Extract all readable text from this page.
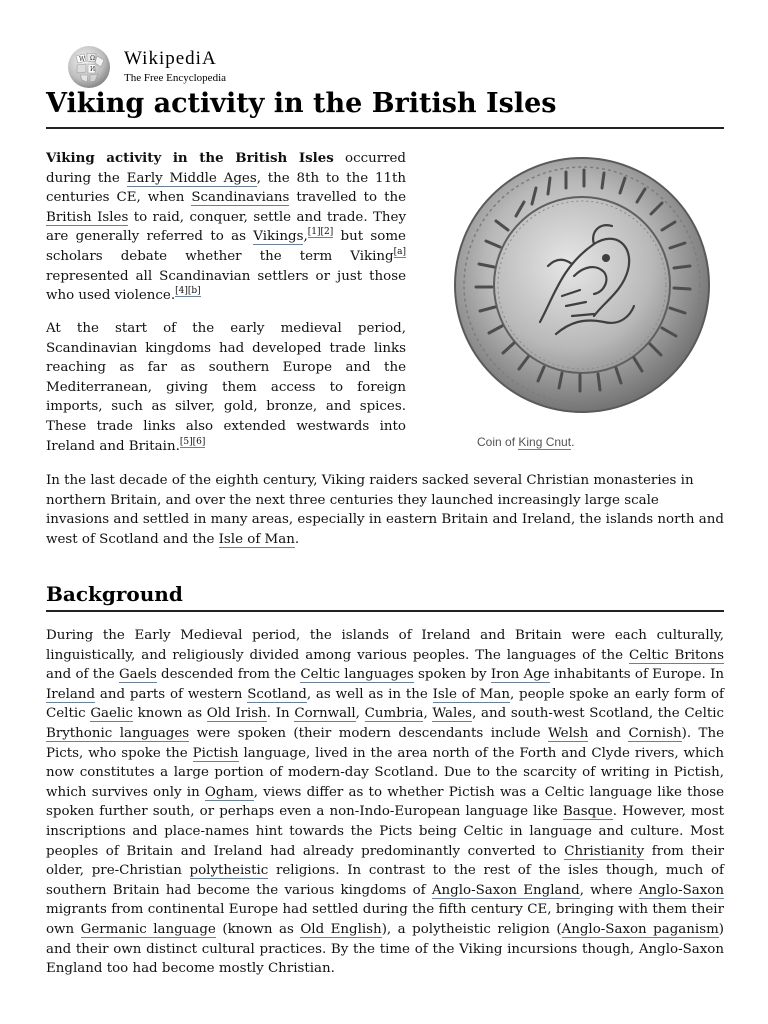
W Ω
И
WikipediA
The Free Encyclopedia
Viking activity in the British Isles
Coin of King Cnut.

Viking activity in the British Isles occurred during the Early Middle Ages, the 8th to the 11th centuries CE, when Scandinavians travelled to the British Isles to raid, conquer, settle and trade. They are generally referred to as Vikings,[1][2] but some scholars debate whether the term Viking[a] represented all Scandinavian settlers or just those who used violence.[4][b]

At the start of the early medieval period, Scandinavian kingdoms had developed trade links reaching as far as southern Europe and the Mediterranean, giving them access to foreign imports, such as silver, gold, bronze, and spices. These trade links also extended westwards into Ireland and Britain.[5][6]

In the last decade of the eighth century, Viking raiders sacked several Christian monasteries in northern Britain, and over the next three centuries they launched increasingly large scale invasions and settled in many areas, especially in eastern Britain and Ireland, the islands north and west of Scotland and the Isle of Man.

Background

During the Early Medieval period, the islands of Ireland and Britain were each culturally, linguistically, and religiously divided among various peoples. The languages of the Celtic Britons and of the Gaels descended from the Celtic languages spoken by Iron Age inhabitants of Europe. In Ireland and parts of western Scotland, as well as in the Isle of Man, people spoke an early form of Celtic Gaelic known as Old Irish. In Cornwall, Cumbria, Wales, and south-west Scotland, the Celtic Brythonic languages were spoken (their modern descendants include Welsh and Cornish). The Picts, who spoke the Pictish language, lived in the area north of the Forth and Clyde rivers, which now constitutes a large portion of modern-day Scotland. Due to the scarcity of writing in Pictish, which survives only in Ogham, views differ as to whether Pictish was a Celtic language like those spoken further south, or perhaps even a non-Indo-European language like Basque. However, most inscriptions and place-names hint towards the Picts being Celtic in language and culture. Most peoples of Britain and Ireland had already predominantly converted to Christianity from their older, pre-Christian polytheistic religions. In contrast to the rest of the isles though, much of southern Britain had become the various kingdoms of Anglo-Saxon England, where Anglo-Saxon migrants from continental Europe had settled during the fifth century CE, bringing with them their own Germanic language (known as Old English), a polytheistic religion (Anglo-Saxon paganism) and their own distinct cultural practices. By the time of the Viking incursions though, Anglo-Saxon England too had become mostly Christian.
